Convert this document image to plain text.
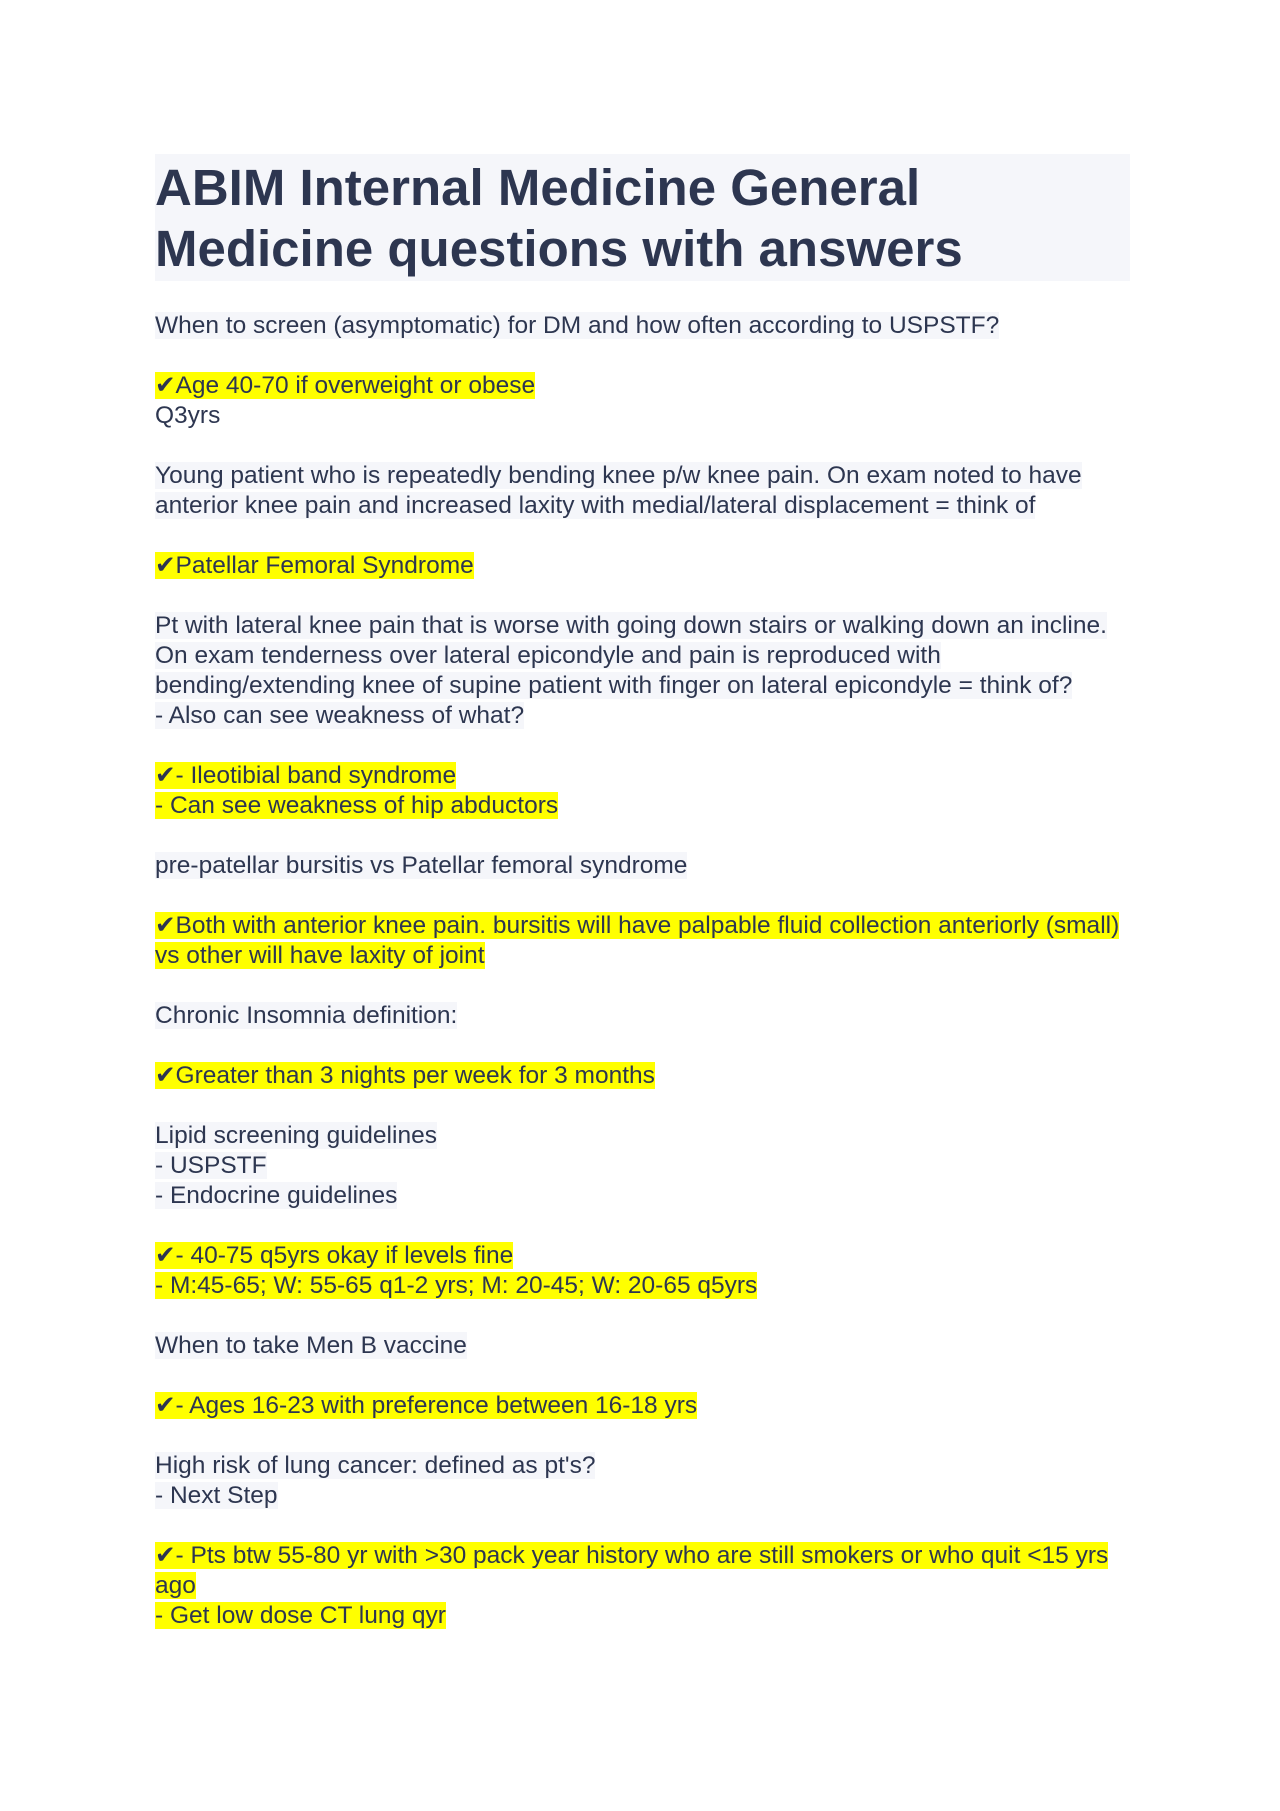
ABIM Internal Medicine General Medicine questions with answers
When to screen (asymptomatic) for DM and how often according to USPSTF?
✔Age 40-70 if overweight or obese
Q3yrs
Young patient who is repeatedly bending knee p/w knee pain. On exam noted to have anterior knee pain and increased laxity with medial/lateral displacement = think of
✔Patellar Femoral Syndrome
Pt with lateral knee pain that is worse with going down stairs or walking down an incline. On exam tenderness over lateral epicondyle and pain is reproduced with bending/extending knee of supine patient with finger on lateral epicondyle = think of?
- Also can see weakness of what?
✔- Ileotibial band syndrome
- Can see weakness of hip abductors
pre-patellar bursitis vs Patellar femoral syndrome
✔Both with anterior knee pain. bursitis will have palpable fluid collection anteriorly (small) vs other will have laxity of joint
Chronic Insomnia definition:
✔Greater than 3 nights per week for 3 months
Lipid screening guidelines
- USPSTF
- Endocrine guidelines
✔- 40-75 q5yrs okay if levels fine
- M:45-65; W: 55-65 q1-2 yrs; M: 20-45; W: 20-65 q5yrs
When to take Men B vaccine
✔- Ages 16-23 with preference between 16-18 yrs
High risk of lung cancer: defined as pt's?
- Next Step
✔- Pts btw 55-80 yr with >30 pack year history who are still smokers or who quit <15 yrs ago
- Get low dose CT lung qyr
